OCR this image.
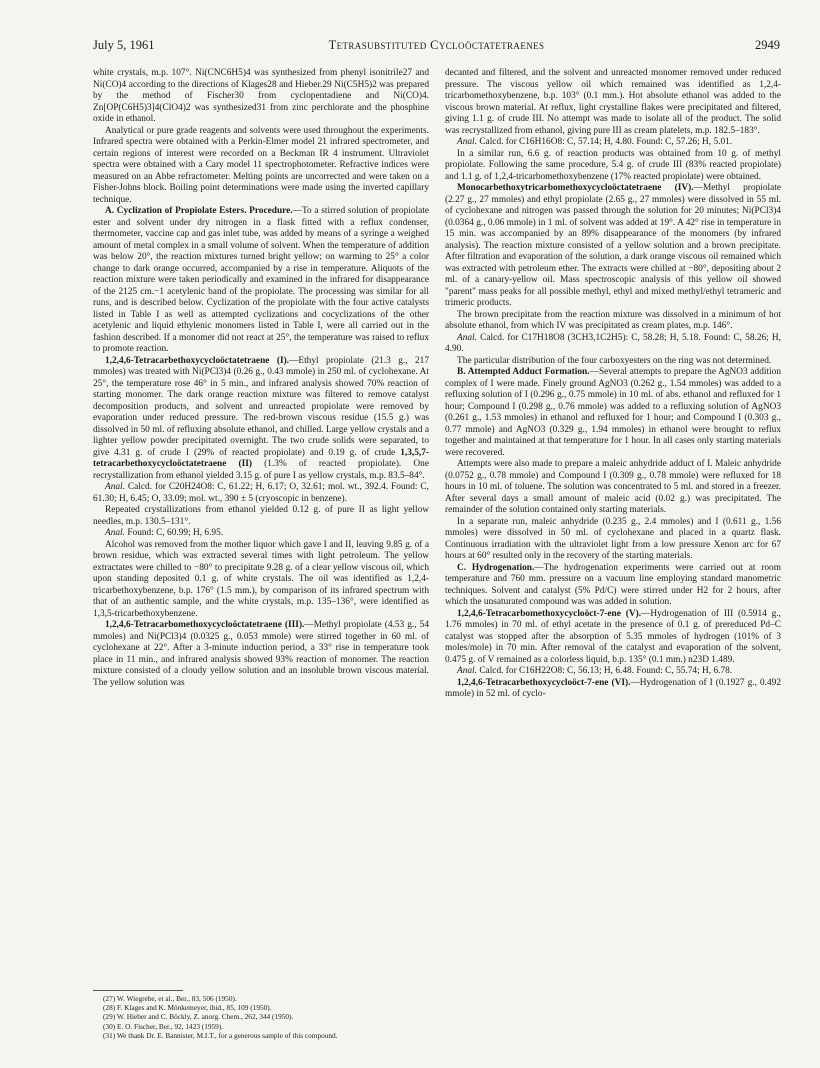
July 5, 1961	Tetrasubstituted Cycloöctatetraenes	2949

white crystals, m.p. 107°. Ni(CNC6H5)4 was synthesized from phenyl isonitrile27 and Ni(CO)4 according to the directions of Klages28 and Hieber.29 Ni(C5H5)2 was prepared by the method of Fischer30 from cyclopentadiene and Ni(CO)4. Zn[OP(C6H5)3]4(ClO4)2 was synthesized31 from zinc perchlorate and the phosphine oxide in ethanol.

Analytical or pure grade reagents and solvents were used throughout the experiments. Infrared spectra were obtained with a Perkin-Elmer model 21 infrared spectrometer, and certain regions of interest were recorded on a Beckman IR 4 instrument. Ultraviolet spectra were obtained with a Cary model 11 spectrophotometer. Refractive indices were measured on an Abbe refractometer. Melting points are uncorrected and were taken on a Fisher-Johns block. Boiling point determinations were made using the inverted capillary technique.

A. Cyclization of Propiolate Esters. Procedure.—To a stirred solution of propiolate ester and solvent under dry nitrogen in a flask fitted with a reflux condenser, thermometer, vaccine cap and gas inlet tube, was added by means of a syringe a weighed amount of metal complex in a small volume of solvent. When the temperature of addition was below 20°, the reaction mixtures turned bright yellow; on warming to 25° a color change to dark orange occurred, accompanied by a rise in temperature. Aliquots of the reaction mixture were taken periodically and examined in the infrared for disappearance of the 2125 cm.−1 acetylenic band of the propiolate. The processing was similar for all runs, and is described below. Cyclization of the propiolate with the four active catalysts listed in Table I as well as attempted cyclizations and cocyclizations of the other acetylenic and liquid ethylenic monomers listed in Table I, were all carried out in the fashion described. If a monomer did not react at 25°, the temperature was raised to reflux to promote reaction.

1,2,4,6-Tetracarbethoxycycloöctatetraene (I).—Ethyl propiolate (21.3 g., 217 mmoles) was treated with Ni(PCl3)4 (0.26 g., 0.43 mmole) in 250 ml. of cyclohexane. At 25°, the temperature rose 46° in 5 min., and infrared analysis showed 70% reaction of starting monomer. The dark orange reaction mixture was filtered to remove catalyst decomposition products, and solvent and unreacted propiolate were removed by evaporation under reduced pressure. The red-brown viscous residue (15.5 g.) was dissolved in 50 ml. of refluxing absolute ethanol, and chilled. Large yellow crystals and a lighter yellow powder precipitated overnight. The two crude solids were separated, to give 4.31 g. of crude I (29% of reacted propiolate) and 0.19 g. of crude 1,3,5,7-tetracarbethoxycycloöctatetraene (II) (1.3% of reacted propiolate). One recrystallization from ethanol yielded 3.15 g. of pure I as yellow crystals, m.p. 83.5–84°.

Anal. Calcd. for C20H24O8: C, 61.22; H, 6.17; O, 32.61; mol. wt., 392.4. Found: C, 61.30; H, 6.45; O, 33.09; mol. wt., 390 ± 5 (cryoscopic in benzene).

Repeated crystallizations from ethanol yielded 0.12 g. of pure II as light yellow needles, m.p. 130.5–131°.

Anal. Found: C, 60.99; H, 6.95.

Alcohol was removed from the mother liquor which gave I and II, leaving 9.85 g. of a brown residue, which was extracted several times with light petroleum. The yellow extractates were chilled to −80° to precipitate 9.28 g. of a clear yellow viscous oil, which upon standing deposited 0.1 g. of white crystals. The oil was identified as 1,2,4-tricarbethoxybenzene, b.p. 176° (1.5 mm.), by comparison of its infrared spectrum with that of an authentic sample, and the white crystals, m.p. 135–136°, were identified as 1,3,5-tricarbethoxybenzene.

1,2,4,6-Tetracarbomethoxycycloöctatetraene (III).—Methyl propiolate (4.53 g., 54 mmoles) and Ni(PCl3)4 (0.0325 g., 0.053 mmole) were stirred together in 60 ml. of cyclohexane at 22°. After a 3-minute induction period, a 33° rise in temperature took place in 11 min., and infrared analysis showed 93% reaction of monomer. The reaction mixture consisted of a cloudy yellow solution and an insoluble brown viscous material. The yellow solution was

(27) W. Wiegrebe, et al., Ber., 83, 506 (1950).

(28) F. Klages and K. Mönkemeyer, ibid., 85, 109 (1950).

(29) W. Hieber and C. Böckly, Z. anorg. Chem., 262, 344 (1950).

(30) E. O. Fischer, Ber., 92, 1423 (1959).

(31) We thank Dr. E. Bannister, M.I.T., for a generous sample of this compound.

decanted and filtered, and the solvent and unreacted monomer removed under reduced pressure. The viscous yellow oil which remained was identified as 1,2,4-tricarbomethoxybenzene, b.p. 103° (0.1 mm.). Hot absolute ethanol was added to the viscous brown material. At reflux, light crystalline flakes were precipitated and filtered, giving 1.1 g. of crude III. No attempt was made to isolate all of the product. The solid was recrystallized from ethanol, giving pure III as cream platelets, m.p. 182.5–183°.

Anal. Calcd. for C16H16O8: C, 57.14; H, 4.80. Found: C, 57.26; H, 5.01.

In a similar run, 6.6 g. of reaction products was obtained from 10 g. of methyl propiolate. Following the same procedure, 5.4 g. of crude III (83% reacted propiolate) and 1.1 g. of 1,2,4-tricarbomethoxybenzene (17% reacted propiolate) were obtained.

Monocarbethoxytricarbomethoxycycloöctatetraene (IV).—Methyl propiolate (2.27 g., 27 mmoles) and ethyl propiolate (2.65 g., 27 mmoles) were dissolved in 55 ml. of cyclohexane and nitrogen was passed through the solution for 20 minutes; Ni(PCl3)4 (0.0364 g., 0.06 mmole) in 1 ml. of solvent was added at 19°. A 42° rise in temperature in 15 min. was accompanied by an 89% disappearance of the monomers (by infrared analysis). The reaction mixture consisted of a yellow solution and a brown precipitate. After filtration and evaporation of the solution, a dark orange viscous oil remained which was extracted with petroleum ether. The extracts were chilled at −80°, depositing about 2 ml. of a canary-yellow oil. Mass spectroscopic analysis of this yellow oil showed "parent" mass peaks for all possible methyl, ethyl and mixed methyl/ethyl tetrameric and trimeric products.

The brown precipitate from the reaction mixture was dissolved in a minimum of hot absolute ethanol, from which IV was precipitated as cream plates, m.p. 146°.

Anal. Calcd. for C17H18O8 (3CH3,1C2H5): C, 58.28; H, 5.18. Found: C, 58.26; H, 4.90.

The particular distribution of the four carboxyesters on the ring was not determined.

B. Attempted Adduct Formation.—Several attempts to prepare the AgNO3 addition complex of I were made. Finely ground AgNO3 (0.262 g., 1.54 mmoles) was added to a refluxing solution of I (0.296 g., 0.75 mmole) in 10 ml. of abs. ethanol and refluxed for 1 hour; Compound I (0.298 g., 0.76 mmole) was added to a refluxing solution of AgNO3 (0.261 g., 1.53 mmoles) in ethanol and refluxed for 1 hour; and Compound I (0.303 g., 0.77 mmole) and AgNO3 (0.329 g., 1.94 mmoles) in ethanol were brought to reflux together and maintained at that temperature for 1 hour. In all cases only starting materials were recovered.

Attempts were also made to prepare a maleic anhydride adduct of I. Maleic anhydride (0.0752 g., 0.78 mmole) and Compound I (0.309 g., 0.78 mmole) were refluxed for 18 hours in 10 ml. of toluene. The solution was concentrated to 5 ml. and stored in a freezer. After several days a small amount of maleic acid (0.02 g.) was precipitated. The remainder of the solution contained only starting materials.

In a separate run, maleic anhydride (0.235 g., 2.4 mmoles) and I (0.611 g., 1.56 mmoles) were dissolved in 50 ml. of cyclohexane and placed in a quartz flask. Continuous irradiation with the ultraviolet light from a low pressure Xenon arc for 67 hours at 60° resulted only in the recovery of the starting materials.

C. Hydrogenation.—The hydrogenation experiments were carried out at room temperature and 760 mm. pressure on a vacuum line employing standard manometric techniques. Solvent and catalyst (5% Pd/C) were stirred under H2 for 2 hours, after which the unsaturated compound was was added in solution.

1,2,4,6-Tetracarbomethoxycycloöct-7-ene (V).—Hydrogenation of III (0.5914 g., 1.76 mmoles) in 70 ml. of ethyl acetate in the presence of 0.1 g. of prereduced Pd–C catalyst was stopped after the absorption of 5.35 mmoles of hydrogen (101% of 3 moles/mole) in 70 min. After removal of the catalyst and evaporation of the solvent, 0.475 g. of V remained as a colorless liquid, b.p. 135° (0.1 mm.) n23D 1.489.

Anal. Calcd. for C16H22O8: C, 56.13; H, 6.48. Found: C, 55.74; H, 6.78.

1,2,4,6-Tetracarbethoxycycloöct-7-ene (VI).—Hydrogenation of I (0.1927 g., 0.492 mmole) in 52 ml. of cyclo-
